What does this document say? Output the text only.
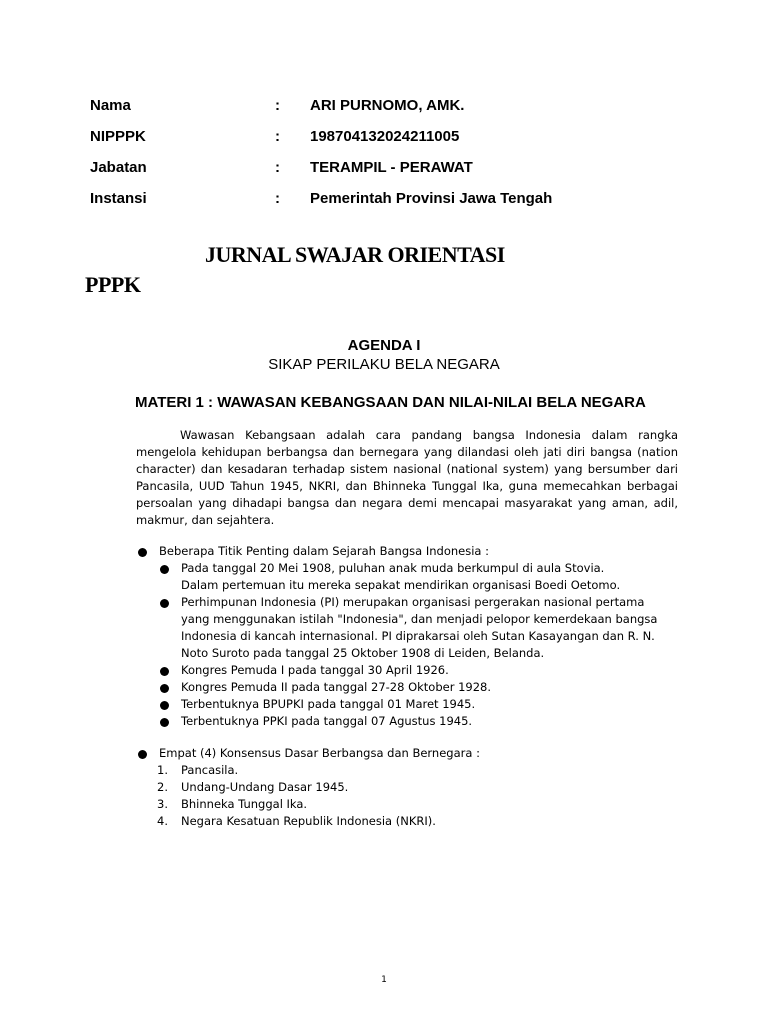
Nama	: ARI PURNOMO, AMK.
NIPPPK	: 198704132024211005
Jabatan	: TERAMPIL - PERAWAT
Instansi	: Pemerintah Provinsi Jawa Tengah
JURNAL SWAJAR ORIENTASI
PPPK
AGENDA I
SIKAP PERILAKU BELA NEGARA
MATERI 1 : WAWASAN KEBANGSAAN DAN NILAI-NILAI BELA NEGARA

Wawasan Kebangsaan adalah cara pandang bangsa Indonesia dalam rangka mengelola kehidupan berbangsa dan bernegara yang dilandasi oleh jati diri bangsa (nation character) dan kesadaran terhadap sistem nasional (national system) yang bersumber dari Pancasila, UUD Tahun 1945, NKRI, dan Bhinneka Tunggal Ika, guna memecahkan berbagai persoalan yang dihadapi bangsa dan negara demi mencapai masyarakat yang aman, adil, makmur, dan sejahtera.

Beberapa Titik Penting dalam Sejarah Bangsa Indonesia :
Pada tanggal 20 Mei 1908, puluhan anak muda berkumpul di aula Stovia.
Dalam pertemuan itu mereka sepakat mendirikan organisasi Boedi Oetomo.
Perhimpunan Indonesia (PI) merupakan organisasi pergerakan nasional pertama
yang menggunakan istilah "Indonesia", dan menjadi pelopor kemerdekaan bangsa
Indonesia di kancah internasional. PI diprakarsai oleh Sutan Kasayangan dan R. N.
Noto Suroto pada tanggal 25 Oktober 1908 di Leiden, Belanda.
Kongres Pemuda I pada tanggal 30 April 1926.
Kongres Pemuda II pada tanggal 27-28 Oktober 1928.
Terbentuknya BPUPKI pada tanggal 01 Maret 1945.
Terbentuknya PPKI pada tanggal 07 Agustus 1945.
Empat (4) Konsensus Dasar Berbangsa dan Bernegara :
1. Pancasila.
2. Undang-Undang Dasar 1945.
3. Bhinneka Tunggal Ika.
4. Negara Kesatuan Republik Indonesia (NKRI).
1
